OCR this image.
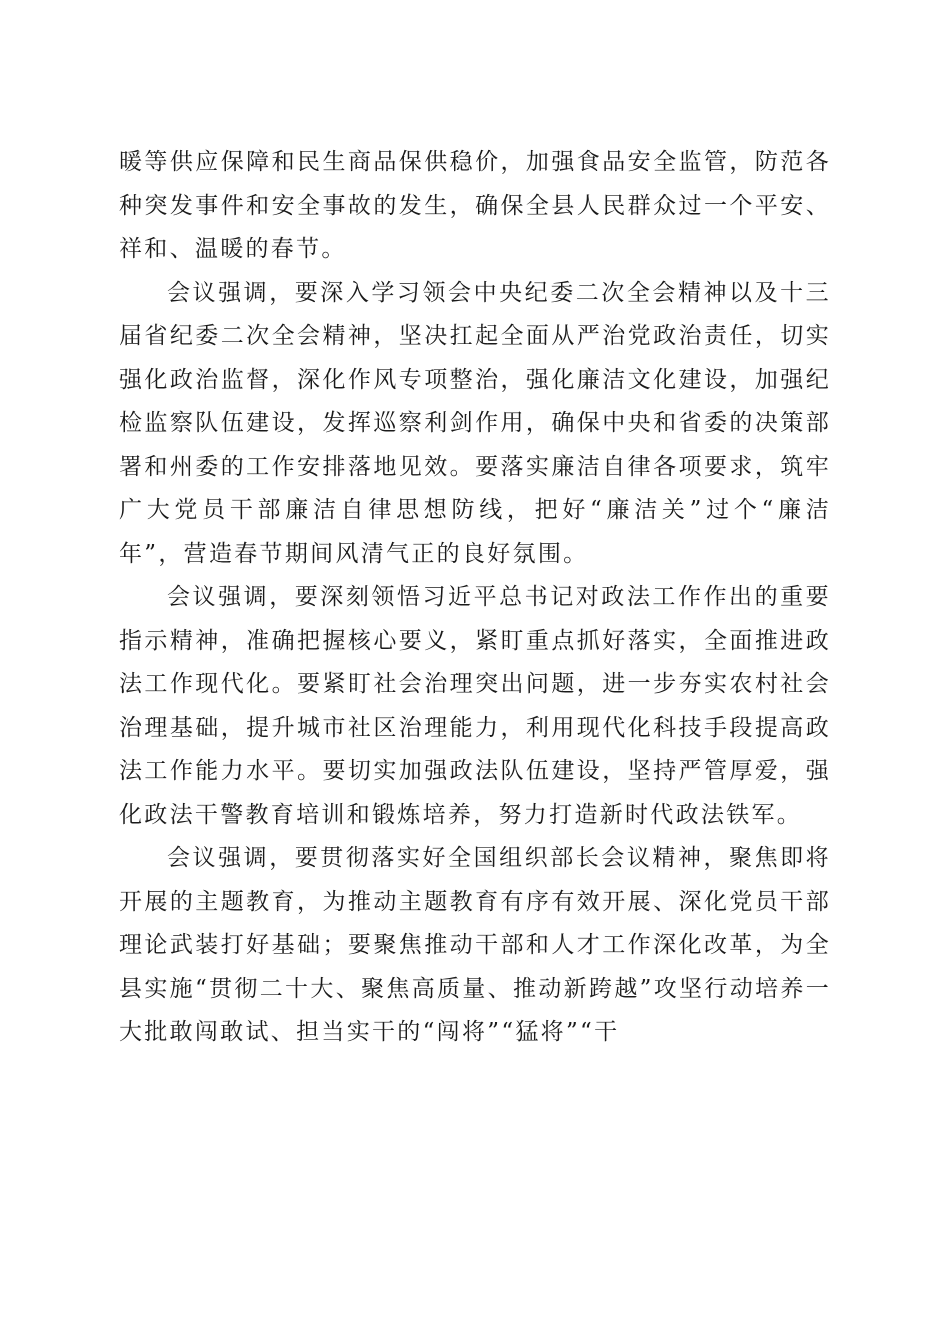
暖等供应保障和民生商品保供稳价，加强食品安全监管，防范各种突发事件和安全事故的发生，确保全县人民群众过一个平安、祥和、温暖的春节。

会议强调，要深入学习领会中央纪委二次全会精神以及十三届省纪委二次全会精神，坚决扛起全面从严治党政治责任，切实强化政治监督，深化作风专项整治，强化廉洁文化建设，加强纪检监察队伍建设，发挥巡察利剑作用，确保中央和省委的决策部署和州委的工作安排落地见效。要落实廉洁自律各项要求，筑牢广大党员干部廉洁自律思想防线，把好“廉洁关”过个“廉洁年”，营造春节期间风清气正的良好氛围。

会议强调，要深刻领悟习近平总书记对政法工作作出的重要指示精神，准确把握核心要义，紧盯重点抓好落实，全面推进政法工作现代化。要紧盯社会治理突出问题，进一步夯实农村社会治理基础，提升城市社区治理能力，利用现代化科技手段提高政法工作能力水平。要切实加强政法队伍建设，坚持严管厚爱，强化政法干警教育培训和锻炼培养，努力打造新时代政法铁军。

会议强调，要贯彻落实好全国组织部长会议精神，聚焦即将开展的主题教育，为推动主题教育有序有效开展、深化党员干部理论武装打好基础；要聚焦推动干部和人才工作深化改革，为全县实施“贯彻二十大、聚焦高质量、推动新跨越”攻坚行动培养一大批敢闯敢试、担当实干的“闯将”“猛将”“干
